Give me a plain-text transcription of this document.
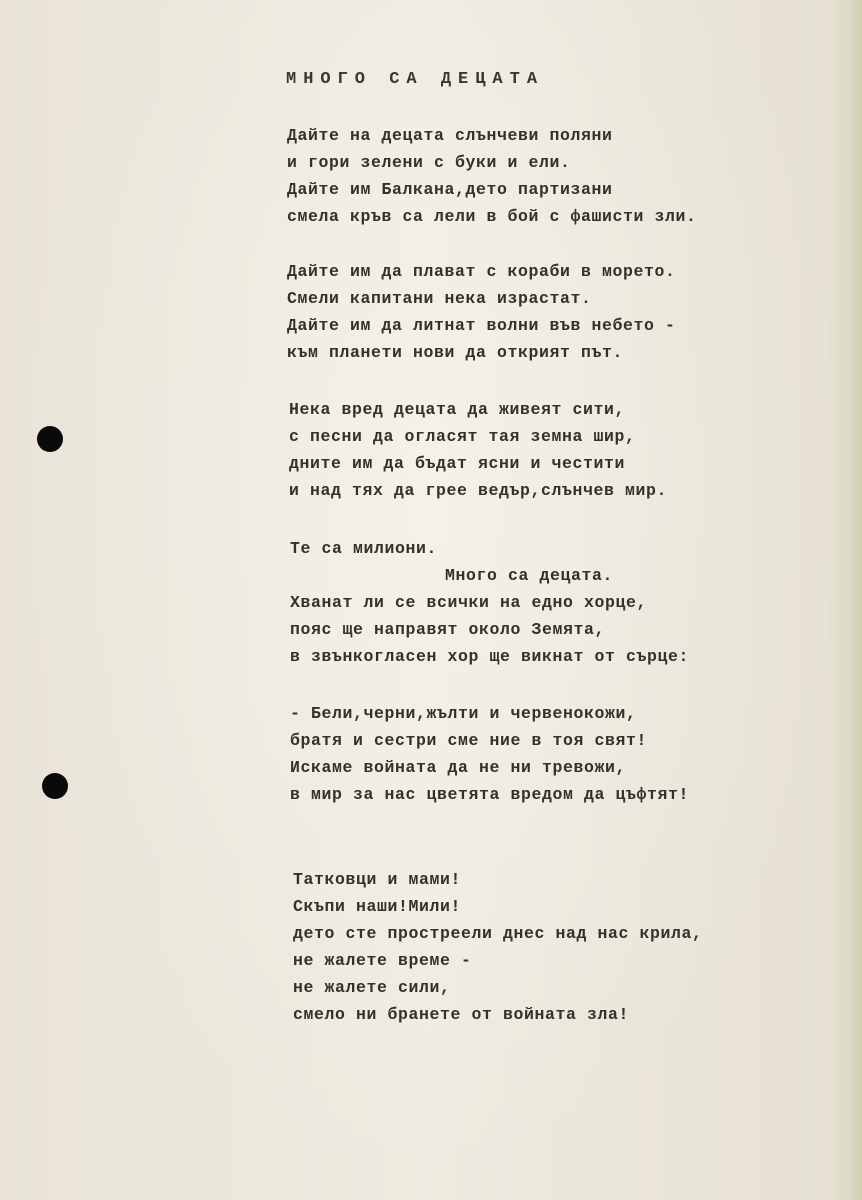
МНОГО СА ДЕЦАТА
Дайте на децата слънчеви поляни
и гори зелени с буки и ели.
Дайте им Балкана,дето партизани
смела кръв са лели в бой с фашисти зли.
Дайте им да плават с кораби в морето.
Смели капитани нека израстат.
Дайте им да литнат волни във небето -
към планети нови да открият път.
Нека вред децата да живеят сити,
с песни да огласят тая земна шир,
дните им да бъдат ясни и честити
и над тях да грее ведър,слънчев мир.
Те са милиони.
Много са децата.
Хванат ли се всички на едно хорце,
пояс ще направят около Земята,
в звънкогласен хор ще викнат от сърце:
- Бели,черни,жълти и червенокожи,
братя и сестри сме ние в тоя свят!
Искаме войната да не ни тревожи,
в мир за нас цветята вредом да цъфтят!
Татковци и мами!
Скъпи наши!Мили!
дето сте простреели днес над нас крила,
не жалете време -
не жалете сили,
смело ни бранете от войната зла!
